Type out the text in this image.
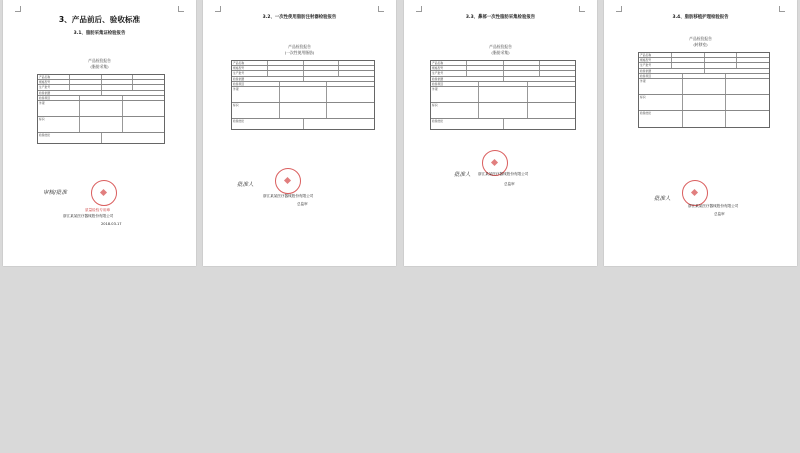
3、产品前后、验收标准
3.1、脂肪采集证检验报告
产品检验报告
(脂肪采集)
产品名称
规格型号
生产批号
检验依据
检验项目
外观
标识
检验结论
审核/批准
质量检验专用章
浙江某某医疗器械股份有限公司
2018.03.17
3.2、一次性使用脂肪注射器检验报告
产品检验报告
(一次性使用脂肪)
产品名称
规格型号
生产批号
检验依据
检验项目
外观
标识
检验结论
批准人
浙江某某医疗器械股份有限公司
总监审
3.3、鼻部一次性脂肪采集检验报告
产品检验报告
(脂肪采集)
产品名称
规格型号
生产批号
检验依据
检验项目
外观
标识
检验结论
批准人 浙江某某医疗器械股份有限公司
总监审
3.4、脂肪移植护理检验报告
产品检验报告
(转移室)
产品名称
规格型号
生产批号
检验依据
检验项目
外观
标识
检验结论
批准人
浙江某某医疗器械股份有限公司
总监审
